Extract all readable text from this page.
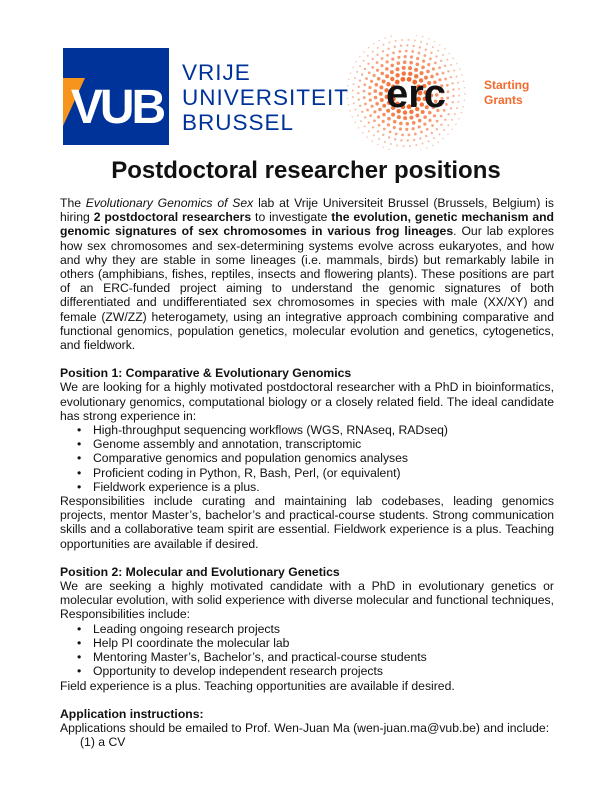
VUB
VRIJE
UNIVERSITEIT
BRUSSEL
erc	Starting
Grants
Postdoctoral researcher positions

The Evolutionary Genomics of Sex lab at Vrije Universiteit Brussel (Brussels, Belgium) is hiring 2 postdoctoral researchers to investigate the evolution, genetic mechanism and genomic signatures of sex chromosomes in various frog lineages. Our lab explores how sex chromosomes and sex-determining systems evolve across eukaryotes, and how and why they are stable in some lineages (i.e. mammals, birds) but remarkably labile in others (amphibians, fishes, reptiles, insects and flowering plants). These positions are part of an ERC-funded project aiming to understand the genomic signatures of both differentiated and undifferentiated sex chromosomes in species with male (XX/XY) and female (ZW/ZZ) heterogamety, using an integrative approach combining comparative and functional genomics, population genetics, molecular evolution and genetics, cytogenetics, and fieldwork.

Position 1: Comparative & Evolutionary Genomics

We are looking for a highly motivated postdoctoral researcher with a PhD in bioinformatics, evolutionary genomics, computational biology or a closely related field. The ideal candidate has strong experience in:

• High-throughput sequencing workflows (WGS, RNAseq, RADseq)
• Genome assembly and annotation, transcriptomic
• Comparative genomics and population genomics analyses
• Proficient coding in Python, R, Bash, Perl, (or equivalent)
• Fieldwork experience is a plus.

Responsibilities include curating and maintaining lab codebases, leading genomics projects, mentor Master’s, bachelor’s and practical-course students. Strong communication skills and a collaborative team spirit are essential. Fieldwork experience is a plus. Teaching opportunities are available if desired.

Position 2: Molecular and Evolutionary Genetics

We are seeking a highly motivated candidate with a PhD in evolutionary genetics or molecular evolution, with solid experience with diverse molecular and functional techniques, Responsibilities include:

• Leading ongoing research projects
• Help PI coordinate the molecular lab
• Mentoring Master’s, Bachelor’s, and practical-course students
• Opportunity to develop independent research projects

Field experience is a plus. Teaching opportunities are available if desired.

Application instructions:

Applications should be emailed to Prof. Wen-Juan Ma (wen-juan.ma@vub.be) and include:

(1) a CV
